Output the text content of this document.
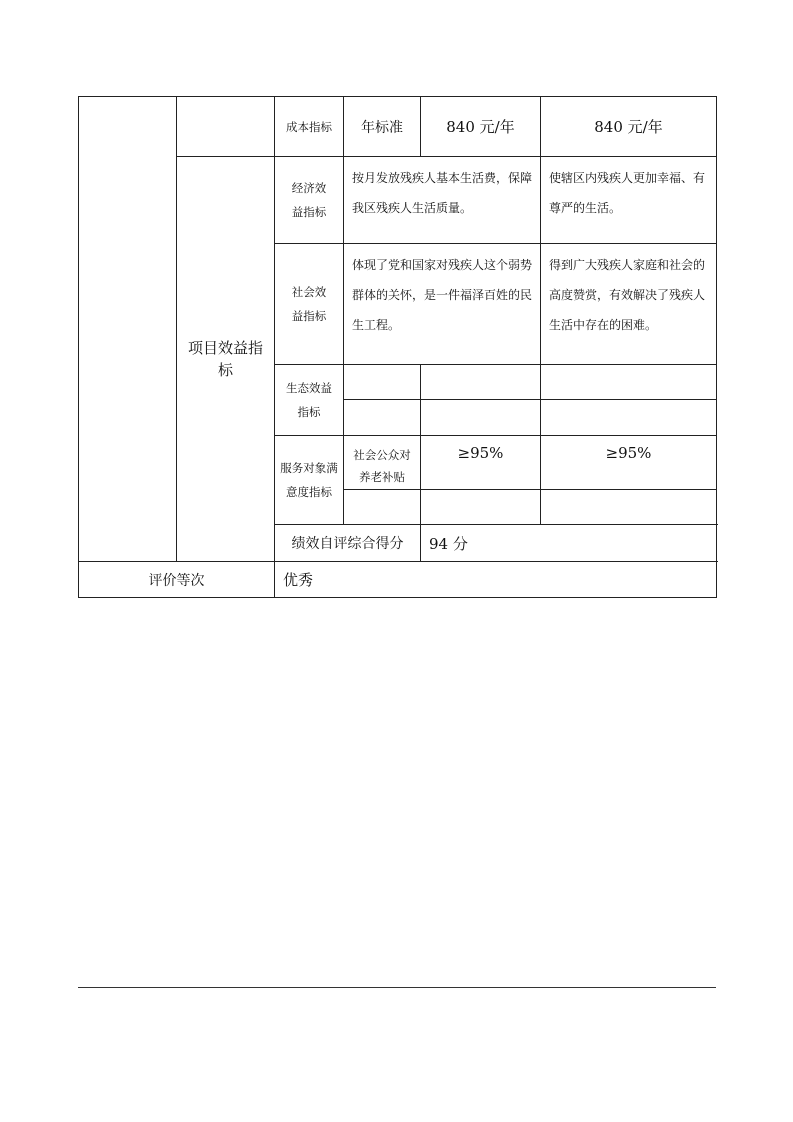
		成本指标	年标准	840 元/年	840 元/年
	项目效益指标	经济效益指标	按月发放残疾人基本生活费，保障我区残疾人生活质量。		使辖区内残疾人更加幸福、有尊严的生活。
		社会效益指标	体现了党和国家对残疾人这个弱势群体的关怀，是一件福泽百姓的民生工程。		得到广大残疾人家庭和社会的高度赞赏，有效解决了残疾人生活中存在的困难。
		生态效益指标			

		服务对象满意度指标	社会公众对养老补贴	≥95%	≥95%

		绩效自评综合得分		94 分	
评价等次		优秀			
